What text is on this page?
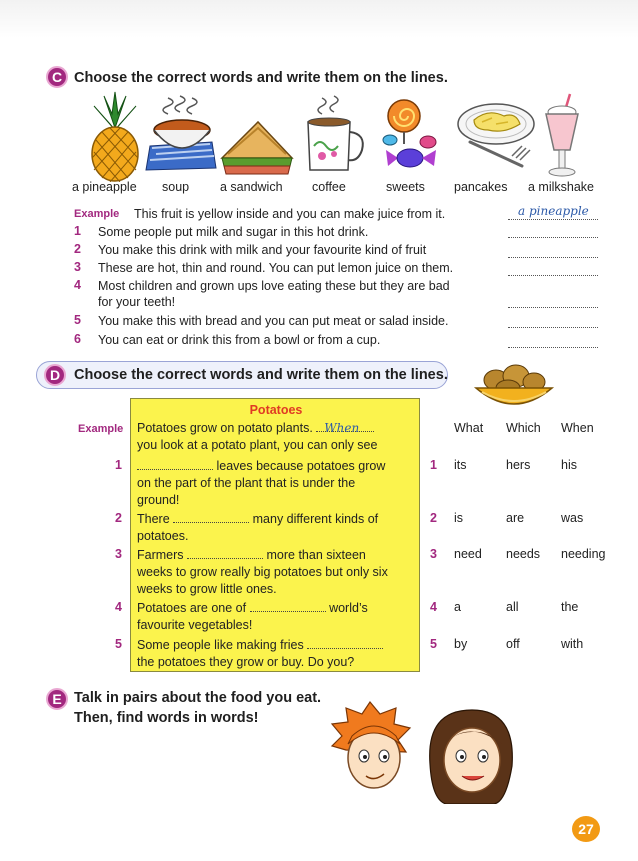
C Choose the correct words and write them on the lines.
a pineapple soup a sandwich coffee	sweets pancakes a milkshake
Example This fruit is yellow inside and you can make juice from it.	a pineapple
1 Some people put milk and sugar in this hot drink.
2 You make this drink with milk and your favourite kind of fruit
3 These are hot, thin and round. You can put lemon juice on them.
4 Most children and grown ups love eating these but they are bad
for your teeth!
5 You make this with bread and you can put meat or salad inside.
6 You can eat or drink this from a bowl or from a cup.
D Choose the correct words and write them on the lines.
Potatoes
Potatoes grow on potato plants. When
you look at a potato plant, you can only see
leaves because potatoes grow
on the part of the plant that is under the
ground!
There	many different kinds of
potatoes.
Farmers	more than sixteen
weeks to grow really big potatoes but only six
weeks to grow little ones.
Potatoes are one of	world’s
favourite vegetables!
Some people like making fries
the potatoes they grow or buy. Do you?
Example
1
2
3
4
5
What Which When
1 its	hers his
2 is	are	was
3 need needs needing
4 a	all	the
5 by	off	with
E Talk in pairs about the food you eat.
Then, find words in words!
27
